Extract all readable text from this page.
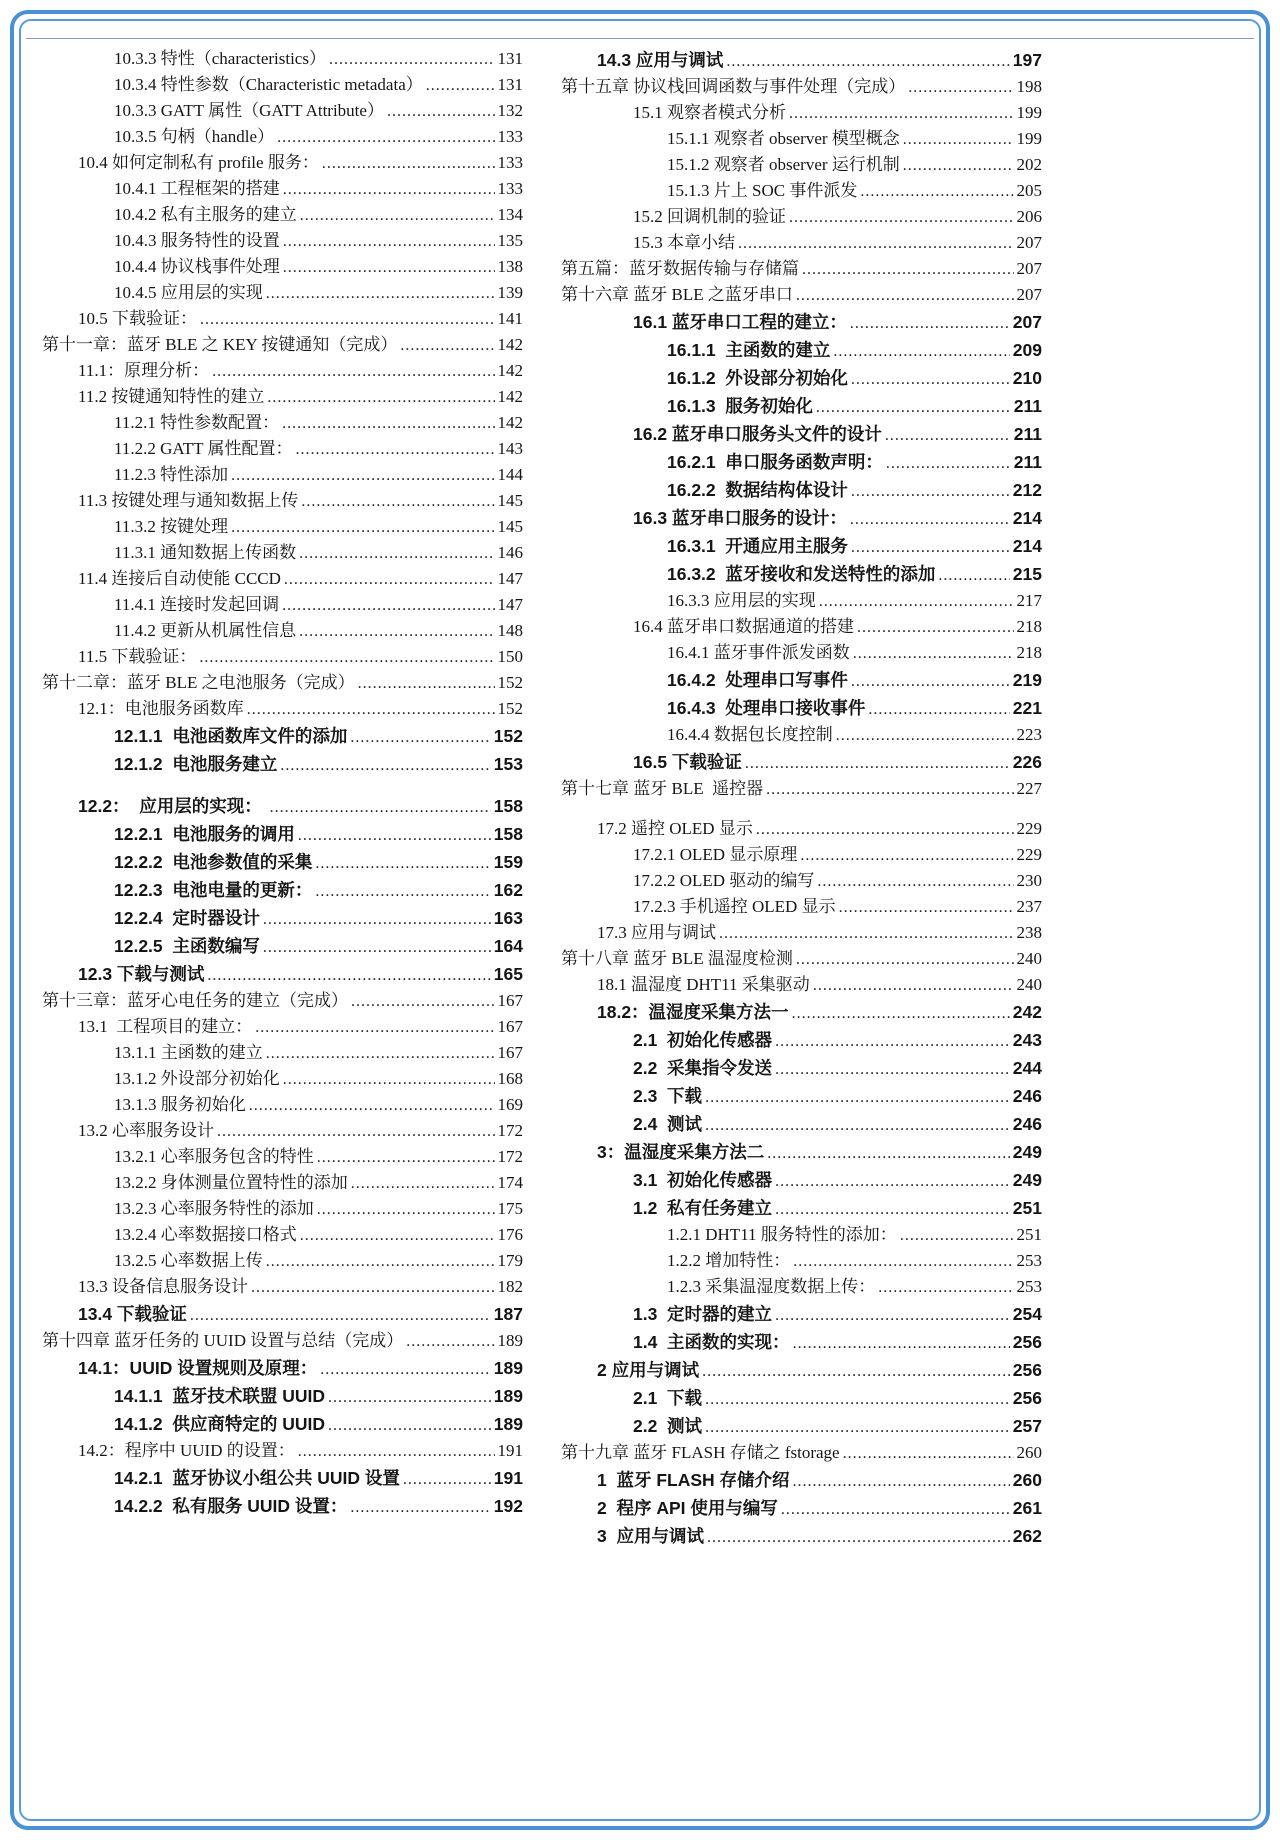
10.3.3 特性（characteristics） .....	131
10.3.4 特性参数（Characteristic metadata） .....	131
10.3.3 GATT 属性（GATT Attribute） .....	132
10.3.5 句柄（handle） .....	133
10.4 如何定制私有 profile 服务： .....	133
10.4.1 工程框架的搭建 .....	133
10.4.2 私有主服务的建立 .....	134
10.4.3 服务特性的设置 .....	135
10.4.4 协议栈事件处理 .....	138
10.4.5 应用层的实现 .....	139
10.5 下载验证： .....	141
第十一章：蓝牙 BLE 之 KEY 按键通知（完成） .....	142
11.1：原理分析： .....	142
11.2 按键通知特性的建立 .....	142
11.2.1 特性参数配置： .....	142
11.2.2 GATT 属性配置： .....	143
11.2.3 特性添加 .....	144
11.3 按键处理与通知数据上传 .....	145
11.3.2 按键处理 .....	145
11.3.1 通知数据上传函数 .....	146
11.4 连接后自动使能 CCCD .....	147
11.4.1 连接时发起回调 .....	147
11.4.2 更新从机属性信息 .....	148
11.5 下载验证： .....	150
第十二章：蓝牙 BLE 之电池服务（完成） .....	152
12.1：电池服务函数库 .....	152
12.1.1  电池函数库文件的添加 .....	152
12.1.2  电池服务建立 .....	153
12.2：  应用层的实现： .....	158
12.2.1  电池服务的调用 .....	158
12.2.2  电池参数值的采集 .....	159
12.2.3  电池电量的更新： .....	162
12.2.4  定时器设计 .....	163
12.2.5  主函数编写 .....	164
12.3 下载与测试 .....	165
第十三章：蓝牙心电任务的建立（完成） .....	167
13.1  工程项目的建立： .....	167
13.1.1 主函数的建立 .....	167
13.1.2 外设部分初始化 .....	168
13.1.3 服务初始化 .....	169
13.2 心率服务设计 .....	172
13.2.1 心率服务包含的特性 .....	172
13.2.2 身体测量位置特性的添加 .....	174
13.2.3 心率服务特性的添加 .....	175
13.2.4 心率数据接口格式 .....	176
13.2.5 心率数据上传 .....	179
13.3 设备信息服务设计 .....	182
13.4 下载验证 .....	187
第十四章 蓝牙任务的 UUID 设置与总结（完成） .....	189
14.1：UUID 设置规则及原理： .....	189
14.1.1  蓝牙技术联盟 UUID .....	189
14.1.2  供应商特定的 UUID .....	189
14.2：程序中 UUID 的设置： .....	191
14.2.1  蓝牙协议小组公共 UUID 设置 .....	191
14.2.2  私有服务 UUID 设置： .....	192
14.3 应用与调试 .....	197
第十五章 协议栈回调函数与事件处理（完成） .....	198
15.1 观察者模式分析 .....	199
15.1.1 观察者 observer 模型概念 .....	199
15.1.2 观察者 observer 运行机制 .....	202
15.1.3 片上 SOC 事件派发 .....	205
15.2 回调机制的验证 .....	206
15.3 本章小结 .....	207
第五篇：蓝牙数据传输与存储篇 .....	207
第十六章 蓝牙 BLE 之蓝牙串口 .....	207
16.1 蓝牙串口工程的建立： .....	207
16.1.1  主函数的建立 .....	209
16.1.2  外设部分初始化 .....	210
16.1.3  服务初始化 .....	211
16.2 蓝牙串口服务头文件的设计 .....	211
16.2.1  串口服务函数声明： .....	211
16.2.2  数据结构体设计 .....	212
16.3 蓝牙串口服务的设计： .....	214
16.3.1  开通应用主服务 .....	214
16.3.2  蓝牙接收和发送特性的添加 .....	215
16.3.3 应用层的实现 .....	217
16.4 蓝牙串口数据通道的搭建 .....	218
16.4.1 蓝牙事件派发函数 .....	218
16.4.2  处理串口写事件 .....	219
16.4.3  处理串口接收事件 .....	221
16.4.4 数据包长度控制 .....	223
16.5 下载验证 .....	226
第十七章 蓝牙 BLE  遥控器 .....	227
17.2 遥控 OLED 显示 .....	229
17.2.1 OLED 显示原理 .....	229
17.2.2 OLED 驱动的编写 .....	230
17.2.3 手机遥控 OLED 显示 .....	237
17.3 应用与调试 .....	238
第十八章 蓝牙 BLE 温湿度检测 .....	240
18.1 温湿度 DHT11 采集驱动 .....	240
18.2：温湿度采集方法一 .....	242
2.1  初始化传感器 .....	243
2.2  采集指令发送 .....	244
2.3  下载 .....	246
2.4  测试 .....	246
3：温湿度采集方法二 .....	249
3.1  初始化传感器 .....	249
1.2  私有任务建立 .....	251
1.2.1 DHT11 服务特性的添加： .....	251
1.2.2 增加特性： .....	253
1.2.3 采集温湿度数据上传： .....	253
1.3  定时器的建立 .....	254
1.4  主函数的实现： .....	256
2 应用与调试 .....	256
2.1  下载 .....	256
2.2  测试 .....	257
第十九章 蓝牙 FLASH 存储之 fstorage .....	260
1  蓝牙 FLASH 存储介绍 .....	260
2  程序 API 使用与编写 .....	261
3  应用与调试 .....	262
